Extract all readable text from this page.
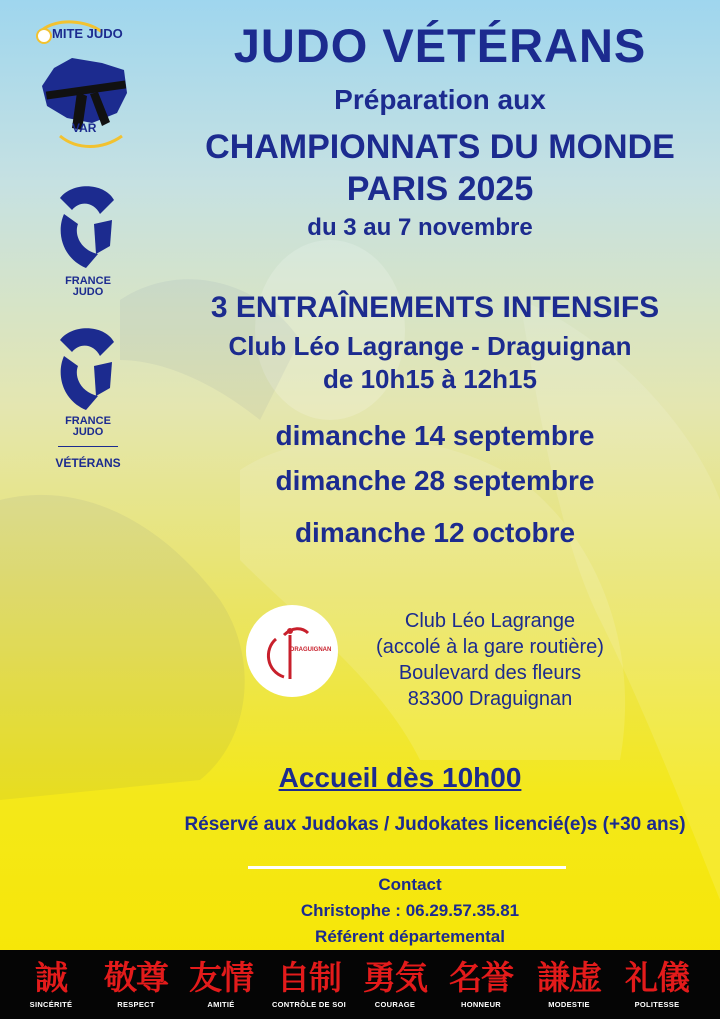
MITE JUDO
VAR
FRANCE
JUDO
FRANCE
JUDO
VÉTÉRANS
JUDO VÉTÉRANS
Préparation aux
CHAMPIONNATS DU MONDE
PARIS 2025
du 3 au 7 novembre
3 ENTRAÎNEMENTS INTENSIFS
Club Léo Lagrange - Draguignan
de 10h15 à 12h15
dimanche 14 septembre
dimanche 28 septembre
dimanche 12 octobre
DRAGUIGNAN
Club Léo Lagrange
(accolé à la gare routière)
Boulevard des fleurs
83300 Draguignan
Accueil dès 10h00
Réservé aux Judokas / Judokates licencié(e)s (+30 ans)
Contact
Christophe : 06.29.57.35.81
Référent départemental
誠
SINCÉRITÉ
敬尊
RESPECT
友情
AMITIÉ
自制
CONTRÔLE DE SOI
勇気
COURAGE
名誉
HONNEUR
謙虚
MODESTIE
礼儀
POLITESSE
